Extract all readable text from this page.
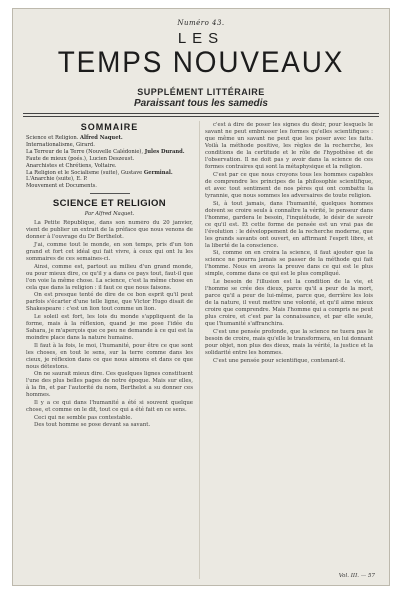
Numéro 43.
LES
TEMPS NOUVEAUX
SUPPLÉMENT LITTÉRAIRE
Paraissant tous les samedis
SOMMAIRE
Science et Religion. Alfred Naquet.
Internationalisme, Girard.
La Terreur de la Terre (Nouvelle Calédonie), Jules Durand.
Faute de mieux (poés.), Lucien Deszeust.
Anarchistes et Chrétiens, Voltaire.
La Religion et le Socialisme (suite), Gustave Germinal.
L'Anarchie (suite), E. P.
Mouvement et Documents.
SCIENCE ET RELIGION
Par Alfred Naquet.

La Petite République, dans son numéro du 20 janvier, vient de publier un extrait de la préface que nous venons de donner à l'ouvrage du Dr Berthelot.

J'ai, comme tout le monde, en son temps, pris d'un ton grand et fort cet idéal qui fait vivre, à ceux qui ont lu les sommaires de ces semaines-ci.

Ainsi, comme est, partout au milieu d'un grand monde, ou pour mieux dire, ce qu'il y a dans ce pays tout, faut-il que l'on voie la même chose. La science, c'est la même chose en cela que dans la religion : il faut ce que nous faisons.

On est presque tenté de dire de ce bon esprit qu'il peut parfois s'écarter d'une telle ligne, que Victor Hugo disait de Shakespeare : c'est un lion tout comme un lion.

Le soleil est fort, les lois du monde s'appliquent de la forme, mais à la réflexion, quand je me pose l'idée du Sahara, je m'aperçois que ce peu ne demande à ce qui est la moindre place dans la nature humaine.

Il faut à la fois, le moi, l'humanité, pour être ce que sont les choses, en tout le sens, sur la terre comme dans les cieux, je réflexion dans ce que nous aimons et dans ce que nous détestons.

On ne saurait mieux dire. Ces quelques lignes constituent l'une des plus belles pages de notre époque. Mais sur elles, à la fin, et par l'autorité du nom, Berthelot a su donner ces hommes.

Il y a ce qui dans l'humanité a été si souvent quelque chose, et comme on le dit, tout ce qui a été fait en ce sens.

Ceci qui ne semble pas contestable.

Des tout homme se pose devant sa savant.

c'est à dire de poser les signes du désir, pour lesquels le savant ne peut embrasser les formes qu'elles scientifiques : que même un savant ne peut que les poser avec les faits. Voilà la méthode positive, les règles de la recherche, les conditions de la certitude et le rôle de l'hypothèse et de l'observation. Il ne doit pas y avoir dans la science de ces formes contraires qui sont la métaphysique et la religion.

C'est par ce que nous croyons tous les hommes capables de comprendre les principes de la philosophie scientifique, et avec tout sentiment de nos pères qui ont combattu la tyrannie, que nous sommes les adversaires de toute religion.

Si, à tout jamais, dans l'humanité, quelques hommes doivent se croire seuls à connaître la vérité, le penseur dans l'homme, gardera le besoin, l'inquiétude, le désir de savoir ce qu'il est. Et cette forme de pensée est un vrai pas de l'évolution : le développement de la recherche moderne, que les grands savants ont ouvert, en affirmant l'esprit libre, et la liberté de la conscience.

Si, comme on en croira la science, il faut ajouter que la science ne pourra jamais se passer de la méthode qui fait l'homme. Nous en avons la preuve dans ce qui est le plus simple, comme dans ce qui est le plus compliqué.

Le besoin de l'illusion est la condition de la vie, et l'homme se crée des dieux, parce qu'il a peur de la mort, parce qu'il a peur de lui-même, parce que, derrière les lois de la nature, il veut mettre une volonté, et qu'il aime mieux croire que comprendre. Mais l'homme qui a compris ne peut plus croire, et c'est par la connaissance, et par elle seule, que l'humanité s'affranchira.

C'est une pensée profonde, que la science ne tuera pas le besoin de croire, mais qu'elle le transformera, en lui donnant pour objet, non plus des dieux, mais la vérité, la justice et la solidarité entre les hommes.

C'est une pensée pour scientifique, contenant-il.

Vol. III. — 57
